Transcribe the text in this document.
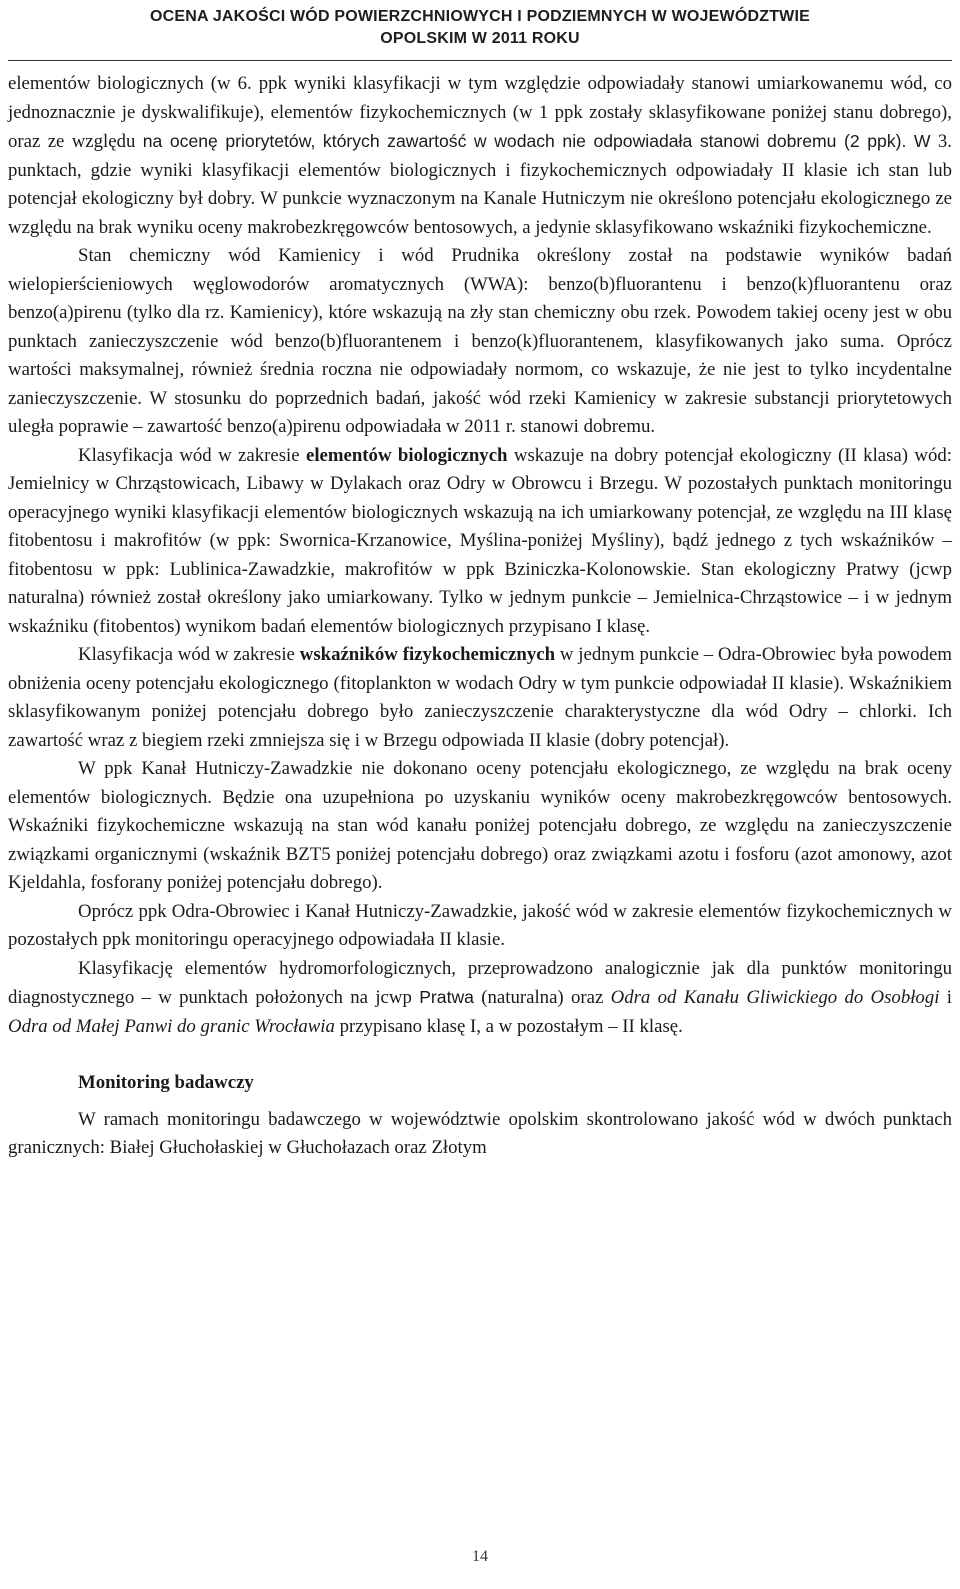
OCENA JAKOŚCI WÓD POWIERZCHNIOWYCH I PODZIEMNYCH W WOJEWÓDZTWIE
OPOLSKIM W 2011 ROKU

elementów biologicznych (w 6. ppk wyniki klasyfikacji w tym względzie odpowiadały stanowi umiarkowanemu wód, co jednoznacznie je dyskwalifikuje), elementów fizykochemicznych (w 1 ppk zostały sklasyfikowane poniżej stanu dobrego), oraz ze względu na ocenę priorytetów, których zawartość w wodach nie odpowiadała stanowi dobremu (2 ppk). W 3. punktach, gdzie wyniki klasyfikacji elementów biologicznych i fizykochemicznych odpowiadały II klasie ich stan lub potencjał ekologiczny był dobry. W punkcie wyznaczonym na Kanale Hutniczym nie określono potencjału ekologicznego ze względu na brak wyniku oceny makrobezkręgowców bentosowych, a jedynie sklasyfikowano wskaźniki fizykochemiczne.

Stan chemiczny wód Kamienicy i wód Prudnika określony został na podstawie wyników badań wielopierścieniowych węglowodorów aromatycznych (WWA): benzo(b)fluorantenu i benzo(k)fluorantenu oraz benzo(a)pirenu (tylko dla rz. Kamienicy), które wskazują na zły stan chemiczny obu rzek. Powodem takiej oceny jest w obu punktach zanieczyszczenie wód benzo(b)fluorantenem i benzo(k)fluorantenem, klasyfikowanych jako suma. Oprócz wartości maksymalnej, również średnia roczna nie odpowiadały normom, co wskazuje, że nie jest to tylko incydentalne zanieczyszczenie. W stosunku do poprzednich badań, jakość wód rzeki Kamienicy w zakresie substancji priorytetowych uległa poprawie – zawartość benzo(a)pirenu odpowiadała w 2011 r. stanowi dobremu.

Klasyfikacja wód w zakresie elementów biologicznych wskazuje na dobry potencjał ekologiczny (II klasa) wód: Jemielnicy w Chrząstowicach, Libawy w Dylakach oraz Odry w Obrowcu i Brzegu. W pozostałych punktach monitoringu operacyjnego wyniki klasyfikacji elementów biologicznych wskazują na ich umiarkowany potencjał, ze względu na III klasę fitobentosu i makrofitów (w ppk: Swornica-Krzanowice, Myślina-poniżej Myśliny), bądź jednego z tych wskaźników – fitobentosu w ppk: Lublinica-Zawadzkie, makrofitów w ppk Bziniczka-Kolonowskie. Stan ekologiczny Pratwy (jcwp naturalna) również został określony jako umiarkowany. Tylko w jednym punkcie – Jemielnica-Chrząstowice – i w jednym wskaźniku (fitobentos) wynikom badań elementów biologicznych przypisano I klasę.

Klasyfikacja wód w zakresie wskaźników fizykochemicznych w jednym punkcie – Odra-Obrowiec była powodem obniżenia oceny potencjału ekologicznego (fitoplankton w wodach Odry w tym punkcie odpowiadał II klasie). Wskaźnikiem sklasyfikowanym poniżej potencjału dobrego było zanieczyszczenie charakterystyczne dla wód Odry – chlorki. Ich zawartość wraz z biegiem rzeki zmniejsza się i w Brzegu odpowiada II klasie (dobry potencjał).

W ppk Kanał Hutniczy-Zawadzkie nie dokonano oceny potencjału ekologicznego, ze względu na brak oceny elementów biologicznych. Będzie ona uzupełniona po uzyskaniu wyników oceny makrobezkręgowców bentosowych. Wskaźniki fizykochemiczne wskazują na stan wód kanału poniżej potencjału dobrego, ze względu na zanieczyszczenie związkami organicznymi (wskaźnik BZT5 poniżej potencjału dobrego) oraz związkami azotu i fosforu (azot amonowy, azot Kjeldahla, fosforany poniżej potencjału dobrego).

Oprócz ppk Odra-Obrowiec i Kanał Hutniczy-Zawadzkie, jakość wód w zakresie elementów fizykochemicznych w pozostałych ppk monitoringu operacyjnego odpowiadała II klasie.

Klasyfikację elementów hydromorfologicznych, przeprowadzono analogicznie jak dla punktów monitoringu diagnostycznego – w punktach położonych na jcwp Pratwa (naturalna) oraz Odra od Kanału Gliwickiego do Osobłogi i Odra od Małej Panwi do granic Wrocławia przypisano klasę I, a w pozostałym – II klasę.

Monitoring badawczy

W ramach monitoringu badawczego w województwie opolskim skontrolowano jakość wód w dwóch punktach granicznych: Białej Głuchołaskiej w Głuchołazach oraz Złotym

14
